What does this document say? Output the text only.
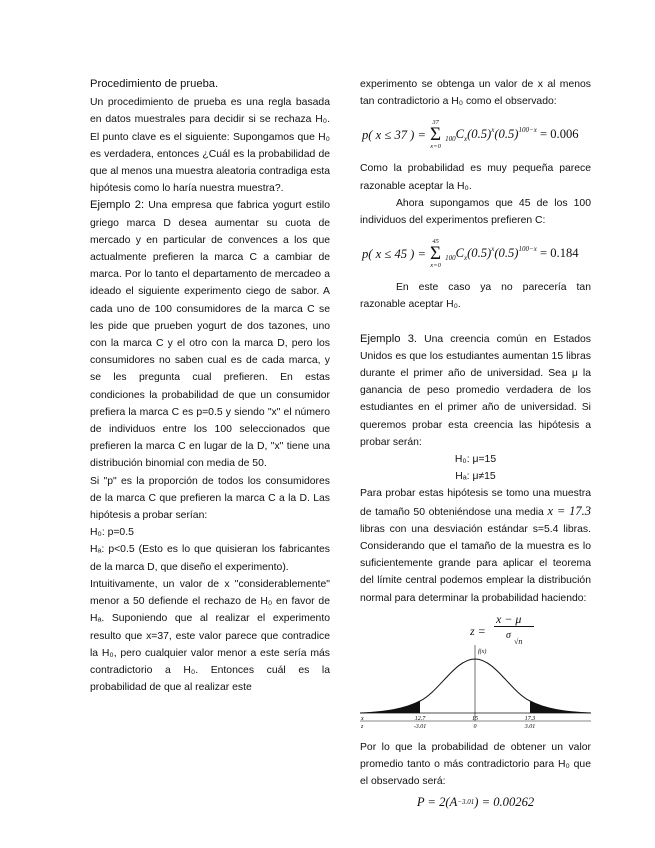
Procedimiento de prueba.

Un procedimiento de prueba es una regla basada en datos muestrales para decidir si se rechaza H₀. El punto clave es el siguiente: Supongamos que H₀ es verdadera, entonces ¿Cuál es la probabilidad de que al menos una muestra aleatoria contradiga esta hipótesis como lo haría nuestra muestra?.

Ejemplo 2: Una empresa que fabrica yogurt estilo griego marca D desea aumentar su cuota de mercado y en particular de convences a los que actualmente prefieren la marca C a cambiar de marca. Por lo tanto el departamento de mercadeo a ideado el siguiente experimento ciego de sabor. A cada uno de 100 consumidores de la marca C se les pide que prueben yogurt de dos tazones, uno con la marca C y el otro con la marca D, pero los consumidores no saben cual es de cada marca, y se les pregunta cual prefieren. En estas condiciones la probabilidad de que un consumidor prefiera la marca C es p=0.5 y siendo "x" el número de individuos entre los 100 seleccionados que prefieren la marca C en lugar de la D, "x" tiene una distribución binomial con media de 50.

Si "p" es la proporción de todos los consumidores de la marca C que prefieren la marca C a la D. Las hipótesis a probar serían:

H₀: p=0.5

Hₐ: p<0.5 (Esto es lo que quisieran los fabricantes de la marca D, que diseño el experimento).

Intuitivamente, un valor de x "considerablemente" menor a 50 defiende el rechazo de H₀ en favor de Hₐ. Suponiendo que al realizar el experimento resulto que x=37, este valor parece que contradice la H₀, pero cualquier valor menor a este sería más contradictorio a H₀. Entonces cuál es la probabilidad de que al realizar este

experimento se obtenga un valor de x al menos tan contradictorio a H₀ como el observado:

p( x ≤ 37 ) =
37
Σ
x=0
$_{100}C_x(0.5)^x(0.5)^{100-x} = 0.006$

Como la probabilidad es muy pequeña parece razonable aceptar la H₀.

Ahora supongamos que 45 de los 100 individuos del experimentos prefieren C:

p( x ≤ 45 ) =
45
Σ
x=0
$_{100}C_x(0.5)^x(0.5)^{100-x} = 0.184$

En este caso ya no parecería tan razonable aceptar H₀.

Ejemplo 3. Una creencia común en Estados Unidos es que los estudiantes aumentan 15 libras durante el primer año de universidad. Sea μ la ganancia de peso promedio verdadera de los estudiantes en el primer año de universidad. Si queremos probar esta creencia las hipótesis a probar serán:

H₀: μ=15

Hₐ: μ≠15

Para probar estas hipótesis se tomo una muestra de tamaño 50 obteniéndose una media x = 17.3 libras con una desviación estándar s=5.4 libras. Considerando que el tamaño de la muestra es lo suficientemente grande para aplicar el teorema del límite central podemos emplear la distribución normal para determinar la probabilidad haciendo:

z =
x − μ
σ
√n
f(x)
x
z
12.7	15	17.3
-3.01	0	3.01

Por lo que la probabilidad de obtener un valor promedio tanto o más contradictorio para H₀ que el observado será:

P = 2(A −3.01 ) = 0.00262
